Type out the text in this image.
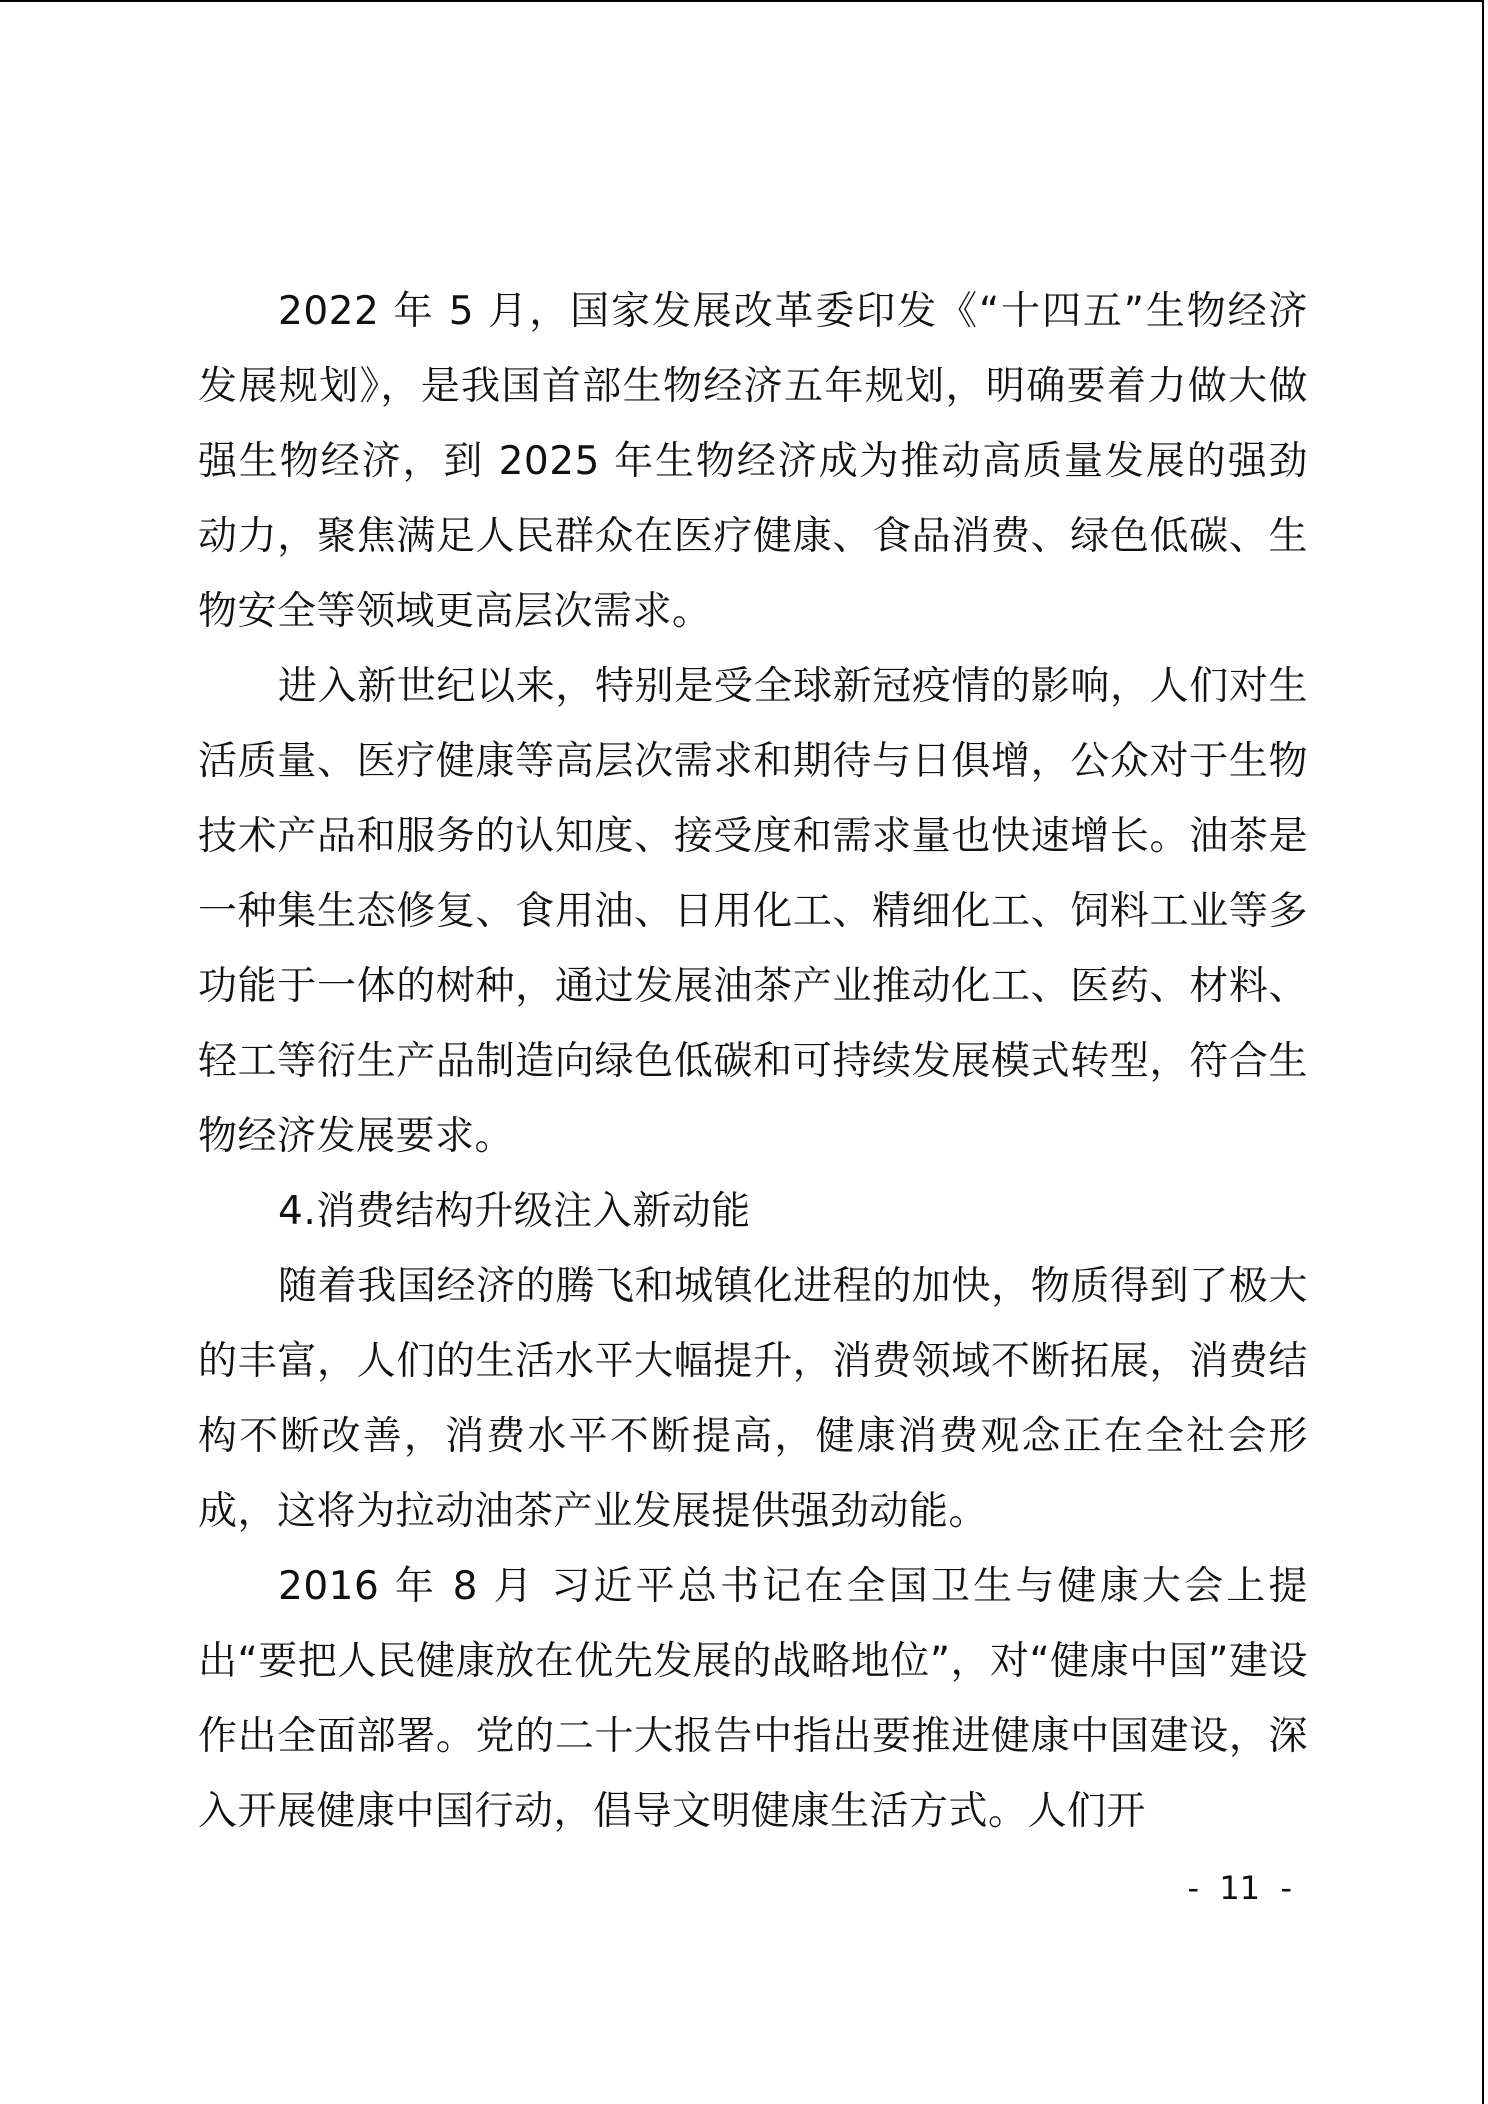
2022 年 5 月，国家发展改革委印发《“十四五”生物经济发展规划》，是我国首部生物经济五年规划，明确要着力做大做强生物经济，到 2025 年生物经济成为推动高质量发展的强劲动力，聚焦满足人民群众在医疗健康、食品消费、绿色低碳、生物安全等领域更高层次需求。

进入新世纪以来，特别是受全球新冠疫情的影响，人们对生活质量、医疗健康等高层次需求和期待与日俱增，公众对于生物技术产品和服务的认知度、接受度和需求量也快速增长。油茶是一种集生态修复、食用油、日用化工、精细化工、饲料工业等多功能于一体的树种，通过发展油茶产业推动化工、医药、材料、轻工等衍生产品制造向绿色低碳和可持续发展模式转型，符合生物经济发展要求。

4.消费结构升级注入新动能

随着我国经济的腾飞和城镇化进程的加快，物质得到了极大的丰富，人们的生活水平大幅提升，消费领域不断拓展，消费结构不断改善，消费水平不断提高，健康消费观念正在全社会形成，这将为拉动油茶产业发展提供强劲动能。

2016 年 8 月 习近平总书记在全国卫生与健康大会上提出“要把人民健康放在优先发展的战略地位”，对“健康中国”建设作出全面部署。党的二十大报告中指出要推进健康中国建设，深入开展健康中国行动，倡导文明健康生活方式。人们开

-  11  -
